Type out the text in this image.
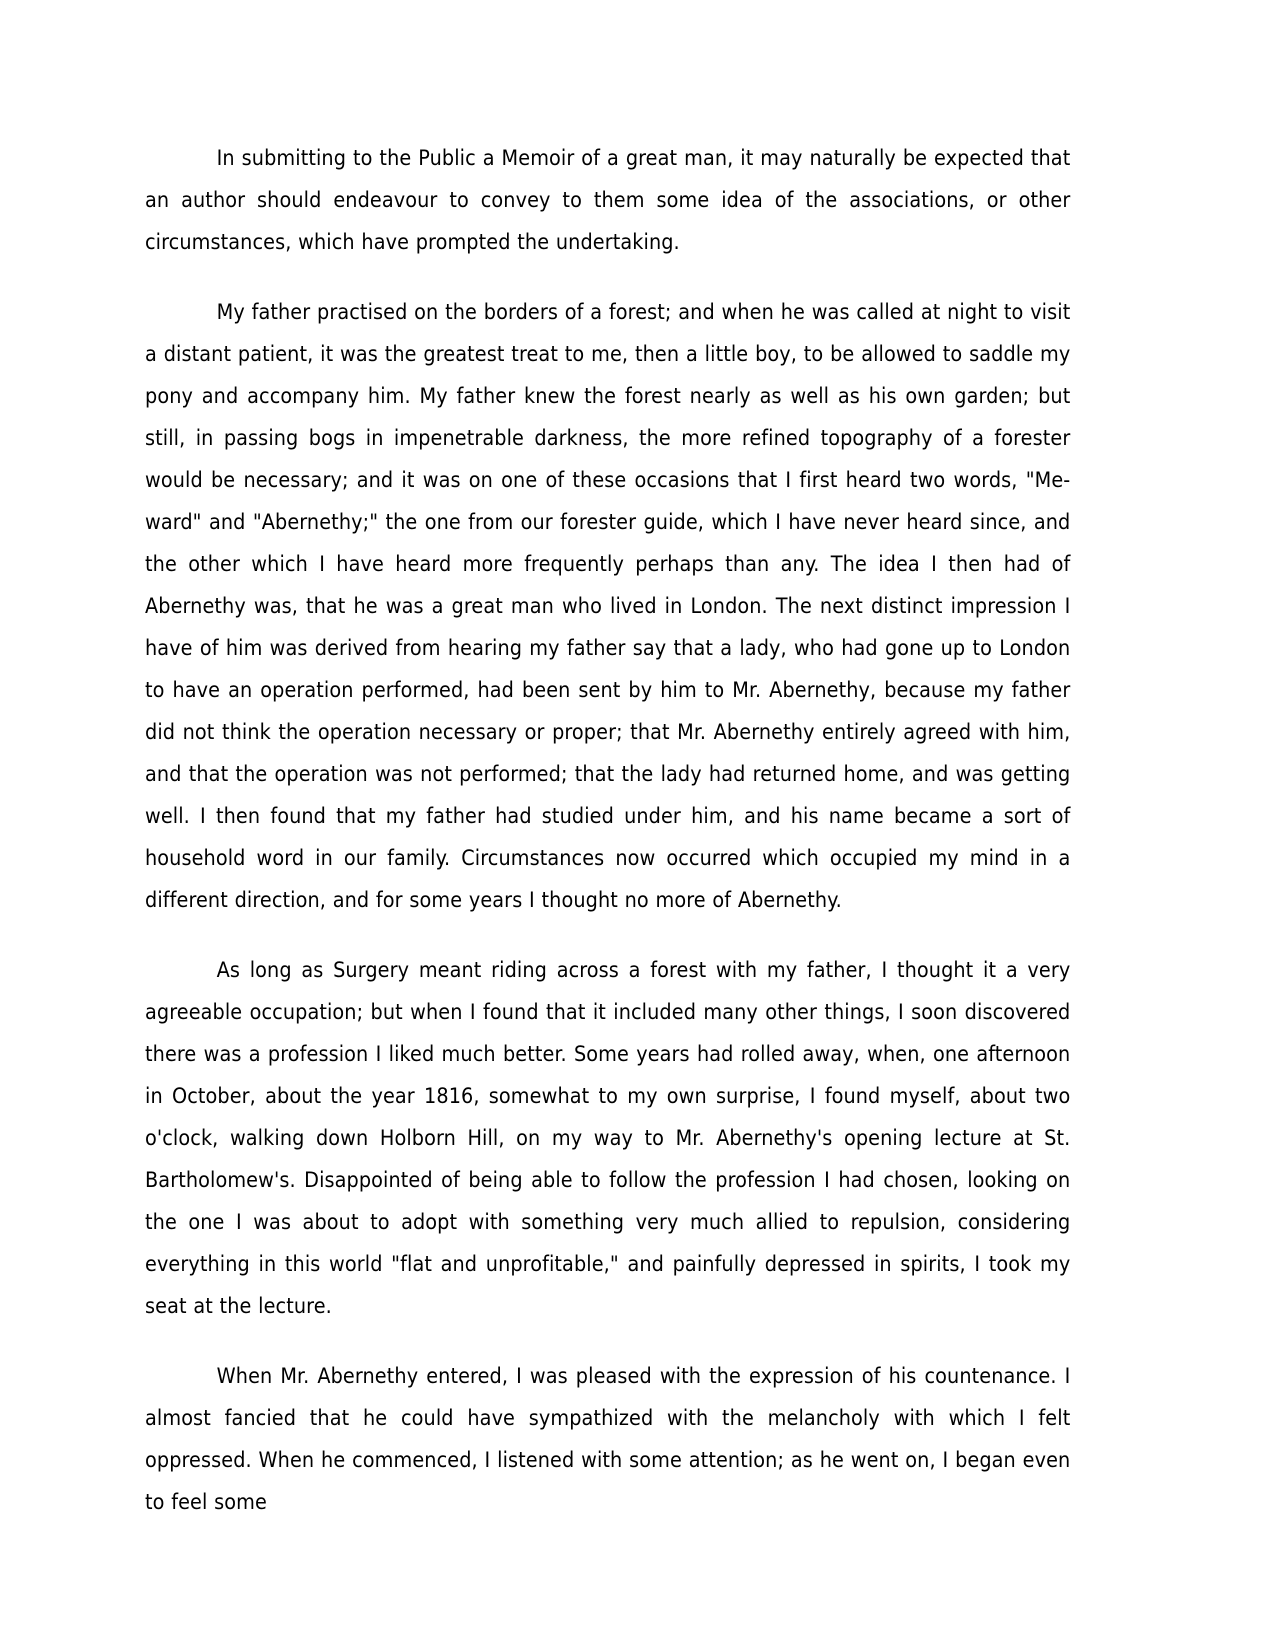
In submitting to the Public a Memoir of a great man, it may naturally be expected that an author should endeavour to convey to them some idea of the associations, or other circumstances, which have prompted the undertaking.

My father practised on the borders of a forest; and when he was called at night to visit a distant patient, it was the greatest treat to me, then a little boy, to be allowed to saddle my pony and accompany him. My father knew the forest nearly as well as his own garden; but still, in passing bogs in impenetrable darkness, the more refined topography of a forester would be necessary; and it was on one of these occasions that I first heard two words, "Me-ward" and "Abernethy;" the one from our forester guide, which I have never heard since, and the other which I have heard more frequently perhaps than any. The idea I then had of Abernethy was, that he was a great man who lived in London. The next distinct impression I have of him was derived from hearing my father say that a lady, who had gone up to London to have an operation performed, had been sent by him to Mr. Abernethy, because my father did not think the operation necessary or proper; that Mr. Abernethy entirely agreed with him, and that the operation was not performed; that the lady had returned home, and was getting well. I then found that my father had studied under him, and his name became a sort of household word in our family. Circumstances now occurred which occupied my mind in a different direction, and for some years I thought no more of Abernethy.

As long as Surgery meant riding across a forest with my father, I thought it a very agreeable occupation; but when I found that it included many other things, I soon discovered there was a profession I liked much better. Some years had rolled away, when, one afternoon in October, about the year 1816, somewhat to my own surprise, I found myself, about two o'clock, walking down Holborn Hill, on my way to Mr. Abernethy's opening lecture at St. Bartholomew's. Disappointed of being able to follow the profession I had chosen, looking on the one I was about to adopt with something very much allied to repulsion, considering everything in this world "flat and unprofitable," and painfully depressed in spirits, I took my seat at the lecture.

When Mr. Abernethy entered, I was pleased with the expression of his countenance. I almost fancied that he could have sympathized with the melancholy with which I felt oppressed. When he commenced, I listened with some attention; as he went on, I began even to feel some
